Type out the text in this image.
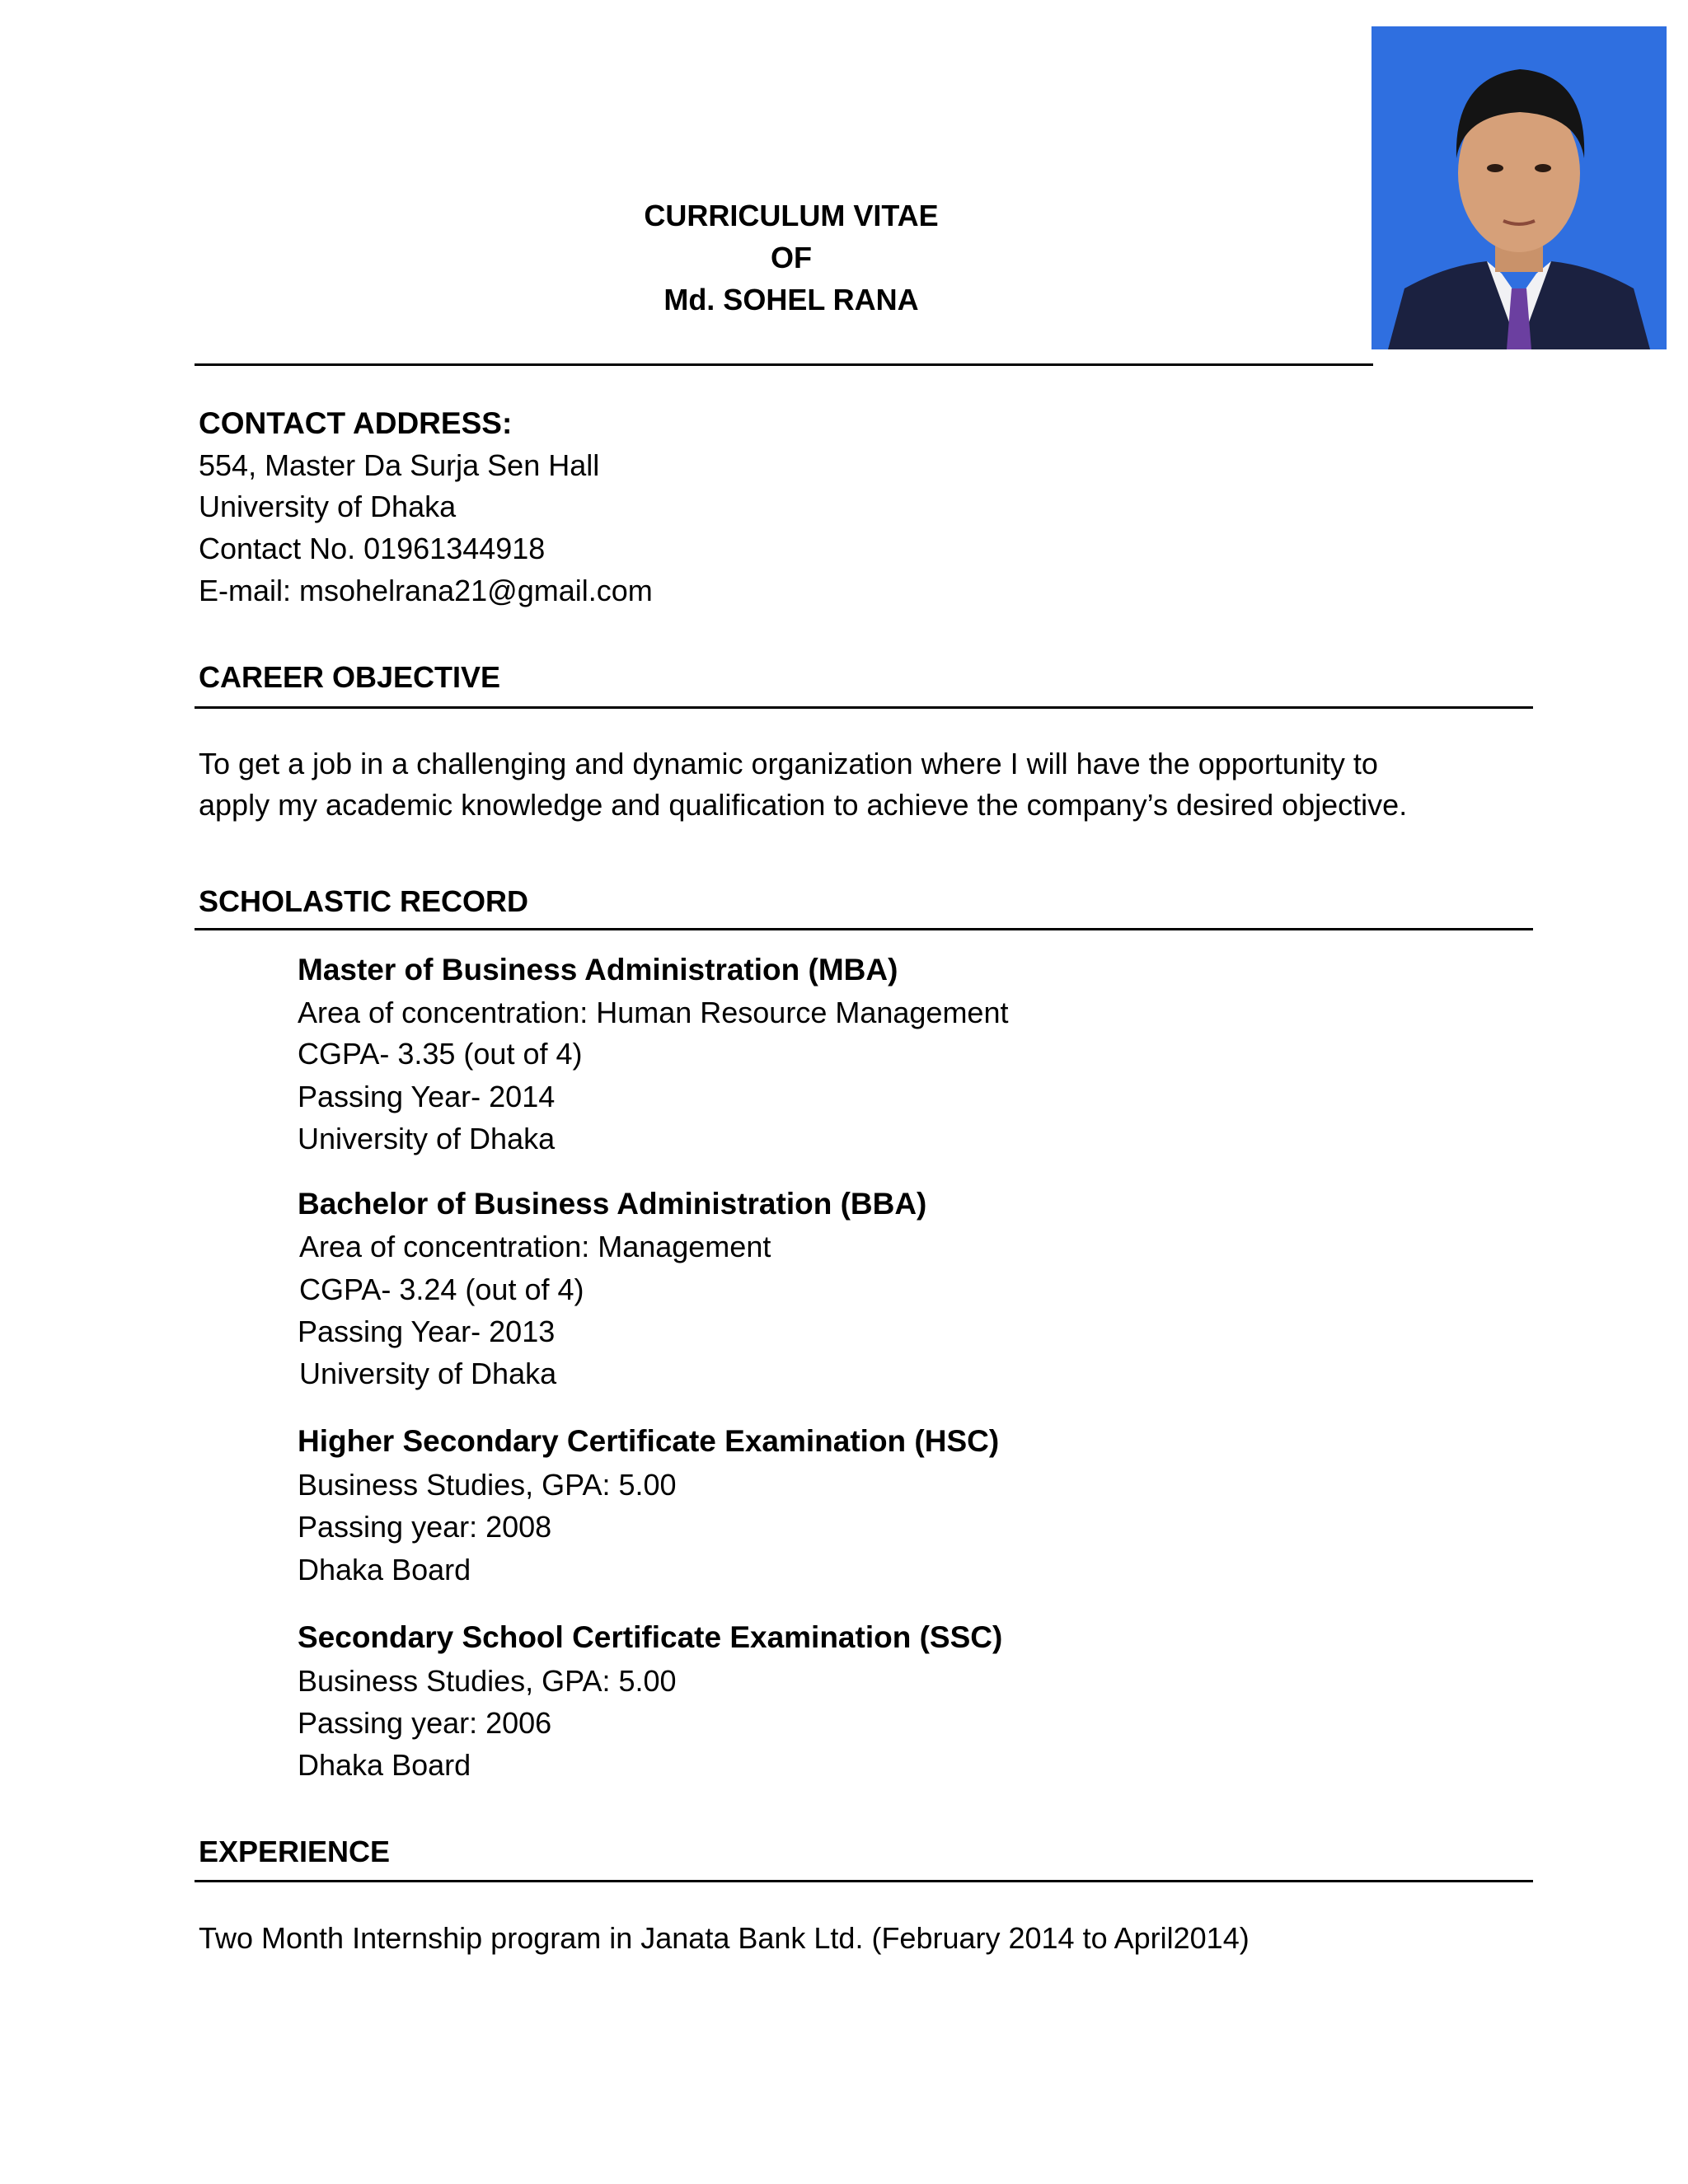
CURRICULUM VITAE
OF
Md. SOHEL RANA
CONTACT ADDRESS:
554, Master Da Surja Sen Hall
University of Dhaka
Contact No. 01961344918
E-mail: msohelrana21@gmail.com
CAREER OBJECTIVE
To get a job in a challenging and dynamic organization where I will have the opportunity to
apply my academic knowledge and qualification to achieve the company’s desired objective.
SCHOLASTIC RECORD
Master of Business Administration (MBA)
Area of concentration: Human Resource Management
CGPA- 3.35 (out of 4)
Passing Year- 2014
University of Dhaka
Bachelor of Business Administration (BBA)
Area of concentration: Management
CGPA- 3.24 (out of 4)
Passing Year- 2013
University of Dhaka
Higher Secondary Certificate Examination (HSC)
Business Studies, GPA: 5.00
Passing year: 2008
Dhaka Board
Secondary School Certificate Examination (SSC)
Business Studies, GPA: 5.00
Passing year: 2006
Dhaka Board
EXPERIENCE
Two Month Internship program in Janata Bank Ltd. (February 2014 to April2014)
